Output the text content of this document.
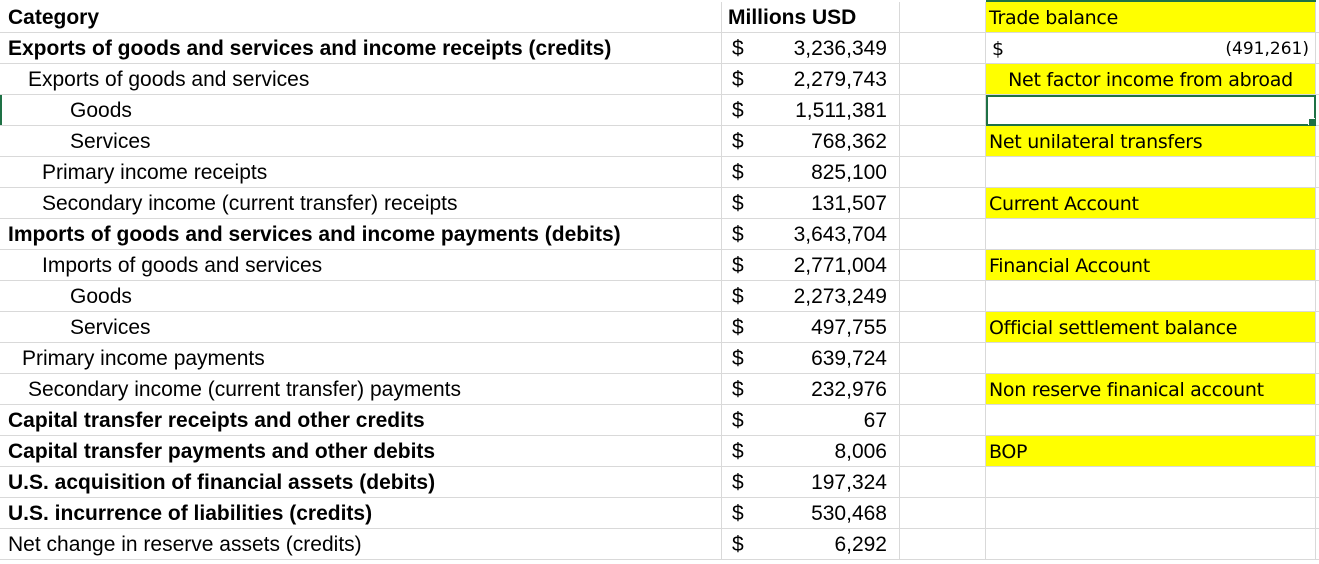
Category	Millions USD	Trade balance
Exports of goods and services and income receipts (credits)	$ 3,236,349	$	(491,261)
Exports of goods and services	$ 2,279,743	Net factor income from abroad
Goods	$ 1,511,381
Services	$	768,362	Net unilateral transfers
Primary income receipts	$	825,100
Secondary income (current transfer) receipts	$	131,507	Current Account
Imports of goods and services and income payments (debits)	$ 3,643,704
Imports of goods and services	$ 2,771,004	Financial Account
Goods	$ 2,273,249
Services	$	497,755	Official settlement balance
Primary income payments	$	639,724
Secondary income (current transfer) payments	$	232,976	Non reserve finanical account
Capital transfer receipts and other credits	$	67
Capital transfer payments and other debits	$	8,006	BOP
U.S. acquisition of financial assets (debits)	$	197,324
U.S. incurrence of liabilities (credits)	$	530,468
Net change in reserve assets (credits)	$	6,292
